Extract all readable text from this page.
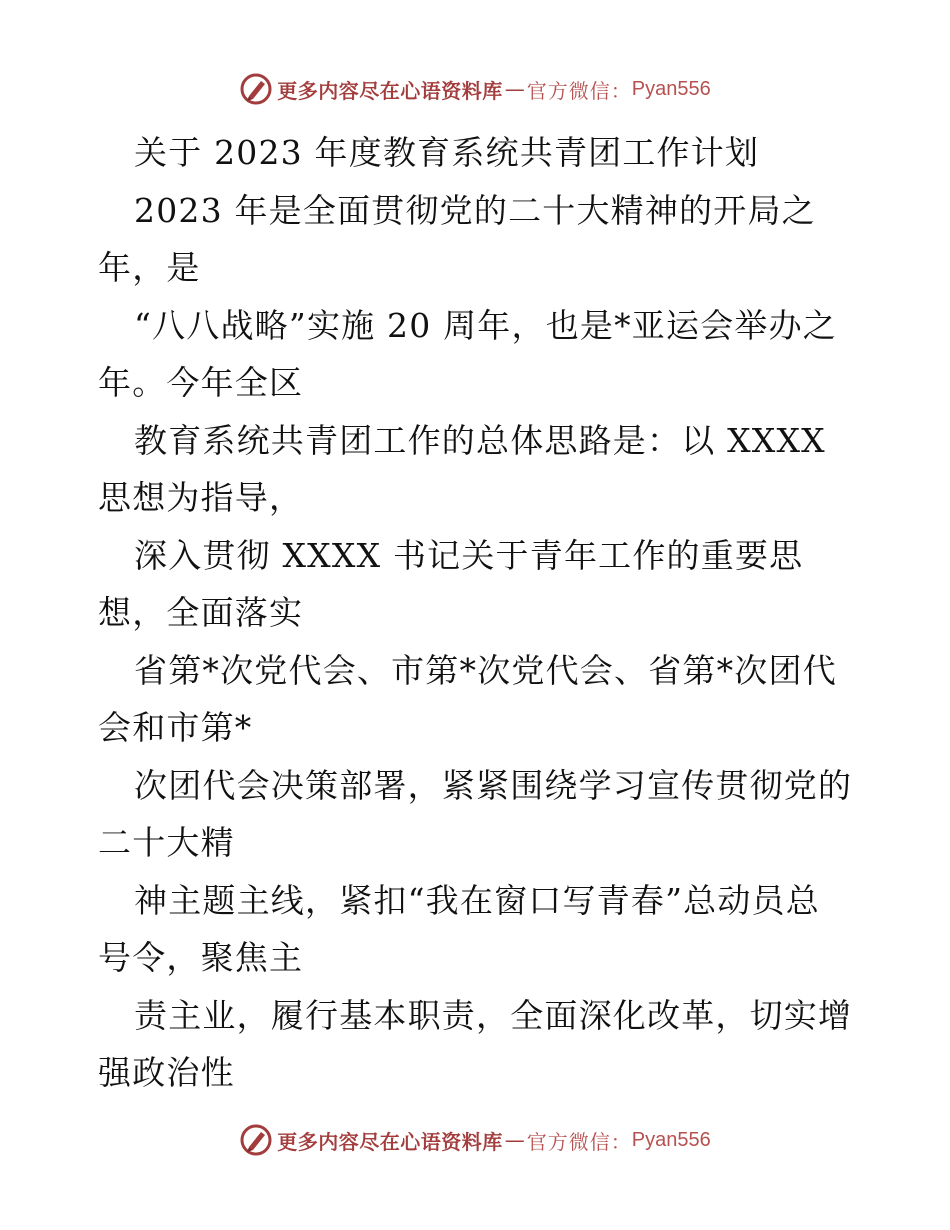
更多内容尽在心语资料库 — 官方微信： Pyan556

关于 2023 年度教育系统共青团工作计划

2023 年是全面贯彻党的二十大精神的开局之年，是

“八八战略”实施 20 周年，也是*亚运会举办之年。今年全区

教育系统共青团工作的总体思路是：以 XXXX 思想为指导，

深入贯彻 XXXX 书记关于青年工作的重要思想，全面落实

省第*次党代会、市第*次党代会、省第*次团代会和市第*

次团代会决策部署，紧紧围绕学习宣传贯彻党的二十大精

神主题主线，紧扣“我在窗口写青春”总动员总号令，聚焦主

责主业，履行基本职责，全面深化改革，切实增强政治性

更多内容尽在心语资料库 — 官方微信： Pyan556
